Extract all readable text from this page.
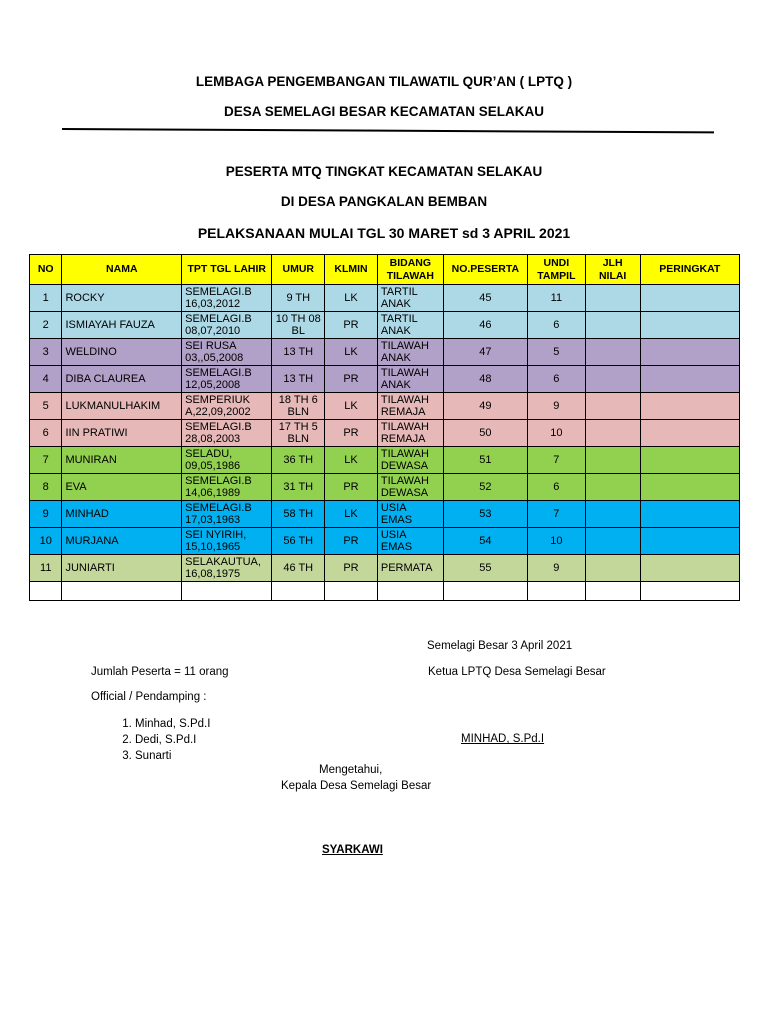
LEMBAGA PENGEMBANGAN TILAWATIL QUR’AN ( LPTQ )
DESA SEMELAGI BESAR KECAMATAN SELAKAU
PESERTA MTQ TINGKAT KECAMATAN SELAKAU
DI DESA PANGKALAN BEMBAN
PELAKSANAAN MULAI TGL 30 MARET sd 3 APRIL 2021
NO	NAMA	TPT TGL LAHIR	UMUR	KLMIN	BIDANG TILAWAH	NO.PESERTA	UNDI TAMPIL	JLH NILAI	PERINGKAT
1	ROCKY	SEMELAGI.B 16,03,2012	9 TH	LK	TARTIL ANAK	45	11		
2	ISMIAYAH FAUZA	SEMELAGI.B 08,07,2010	10 TH 08 BL	PR	TARTIL ANAK	46	6		
3	WELDINO	SEI RUSA 03,,05,2008	13 TH	LK	TILAWAH ANAK	47	5		
4	DIBA CLAUREA	SEMELAGI.B 12,05,2008	13 TH	PR	TILAWAH ANAK	48	6		
5	LUKMANULHAKIM	SEMPERIUK A,22,09,2002	18 TH 6 BLN	LK	TILAWAH REMAJA	49	9		
6	IIN PRATIWI	SEMELAGI.B 28,08,2003	17 TH 5 BLN	PR	TILAWAH REMAJA	50	10		
7	MUNIRAN	SELADU, 09,05,1986	36 TH	LK	TILAWAH DEWASA	51	7		
8	EVA	SEMELAGI.B 14,06,1989	31 TH	PR	TILAWAH DEWASA	52	6		
9	MINHAD	SEMELAGI.B 17,03,1963	58 TH	LK	USIA EMAS	53	7		
10	MURJANA	SEI NYIRIH, 15,10,1965	56 TH	PR	USIA EMAS	54	10		
11	JUNIARTI	SELAKAUTUA, 16,08,1975	46 TH	PR	PERMATA	55	9		

Semelagi Besar 3 April 2021
Jumlah Peserta = 11 orang	Ketua LPTQ Desa Semelagi Besar
Official / Pendamping :
1. Minhad, S.Pd.I
2. Dedi, S.Pd.I
3. Sunarti
MINHAD, S.Pd.I
Mengetahui,
Kepala Desa Semelagi Besar
SYARKAWI
